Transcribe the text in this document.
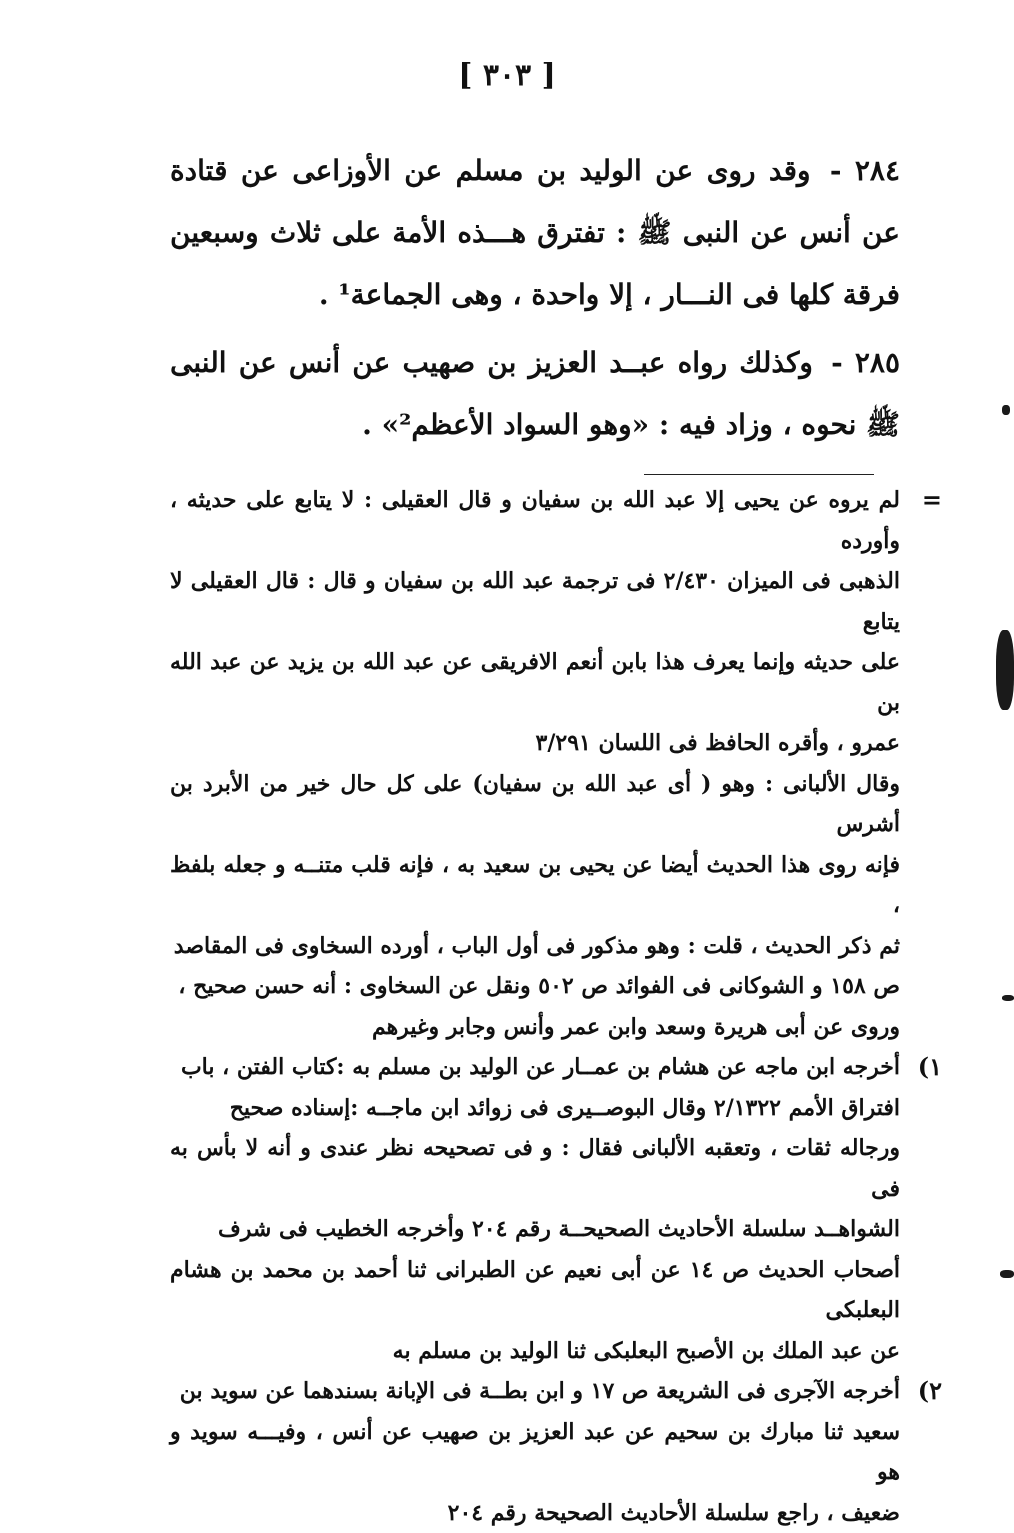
[ ٣٠٣ ]

٢٨٤ - وقد روى عن الوليد بن مسلم عن الأوزاعى عن قتادة عن أنس عن النبى ﷺ : تفترق هـــذه الأمة على ثلاث وسبعين فرقة كلها فى النـــار ، إلا واحدة ، وهى الجماعة¹ .

٢٨٥ - وكذلك رواه عبــد العزيز بن صهيب عن أنس عن النبى ﷺ نحوه ، وزاد فيه : «وهو السواد الأعظم²» .

=
لم يروه عن يحيى إلا عبد الله بن سفيان و قال العقيلى : لا يتابع على حديثه ، وأورده
الذهبى فى الميزان ٢/٤٣٠ فى ترجمة عبد الله بن سفيان و قال : قال العقيلى لا يتابع
على حديثه وإنما يعرف هذا بابن أنعم الافريقى عن عبد الله بن يزيد عن عبد الله بن
عمرو ، وأقره الحافظ فى اللسان ٣/٢٩١
وقال الألبانى : وهو ( أى عبد الله بن سفيان) على كل حال خير من الأبرد بن أشرس
فإنه روى هذا الحديث أيضا عن يحيى بن سعيد به ، فإنه قلب متنــه و جعله بلفظ ،
ثم ذكر الحديث ، قلت : وهو مذكور فى أول الباب ، أورده السخاوى فى المقاصد
ص ١٥٨ و الشوكانى فى الفوائد ص ٥٠٢ ونقل عن السخاوى : أنه حسن صحيح ،
وروى عن أبى هريرة وسعد وابن عمر وأنس وجابر وغيرهم
١)
أخرجه ابن ماجه عن هشام بن عمــار عن الوليد بن مسلم به :كتاب الفتن ، باب
افتراق الأمم ٢/١٣٢٢ وقال البوصــيرى فى زوائد ابن ماجــه :إسناده صحيح
ورجاله ثقات ، وتعقبه الألبانى فقال : و فى تصحيحه نظر عندى و أنه لا بأس به فى
الشواهــد سلسلة الأحاديث الصحيحــة رقم ٢٠٤ وأخرجه الخطيب فى شرف
أصحاب الحديث ص ١٤ عن أبى نعيم عن الطبرانى ثنا أحمد بن محمد بن هشام البعلبكى
عن عبد الملك بن الأصبح البعلبكى ثنا الوليد بن مسلم به
٢)
أخرجه الآجرى فى الشريعة ص ١٧ و ابن بطــة فى الإبانة بسندهما عن سويد بن
سعيد ثنا مبارك بن سحيم عن عبد العزيز بن صهيب عن أنس ، وفيـــه سويد و هو
ضعيف ، راجع سلسلة الأحاديث الصحيحة رقم ٢٠٤
